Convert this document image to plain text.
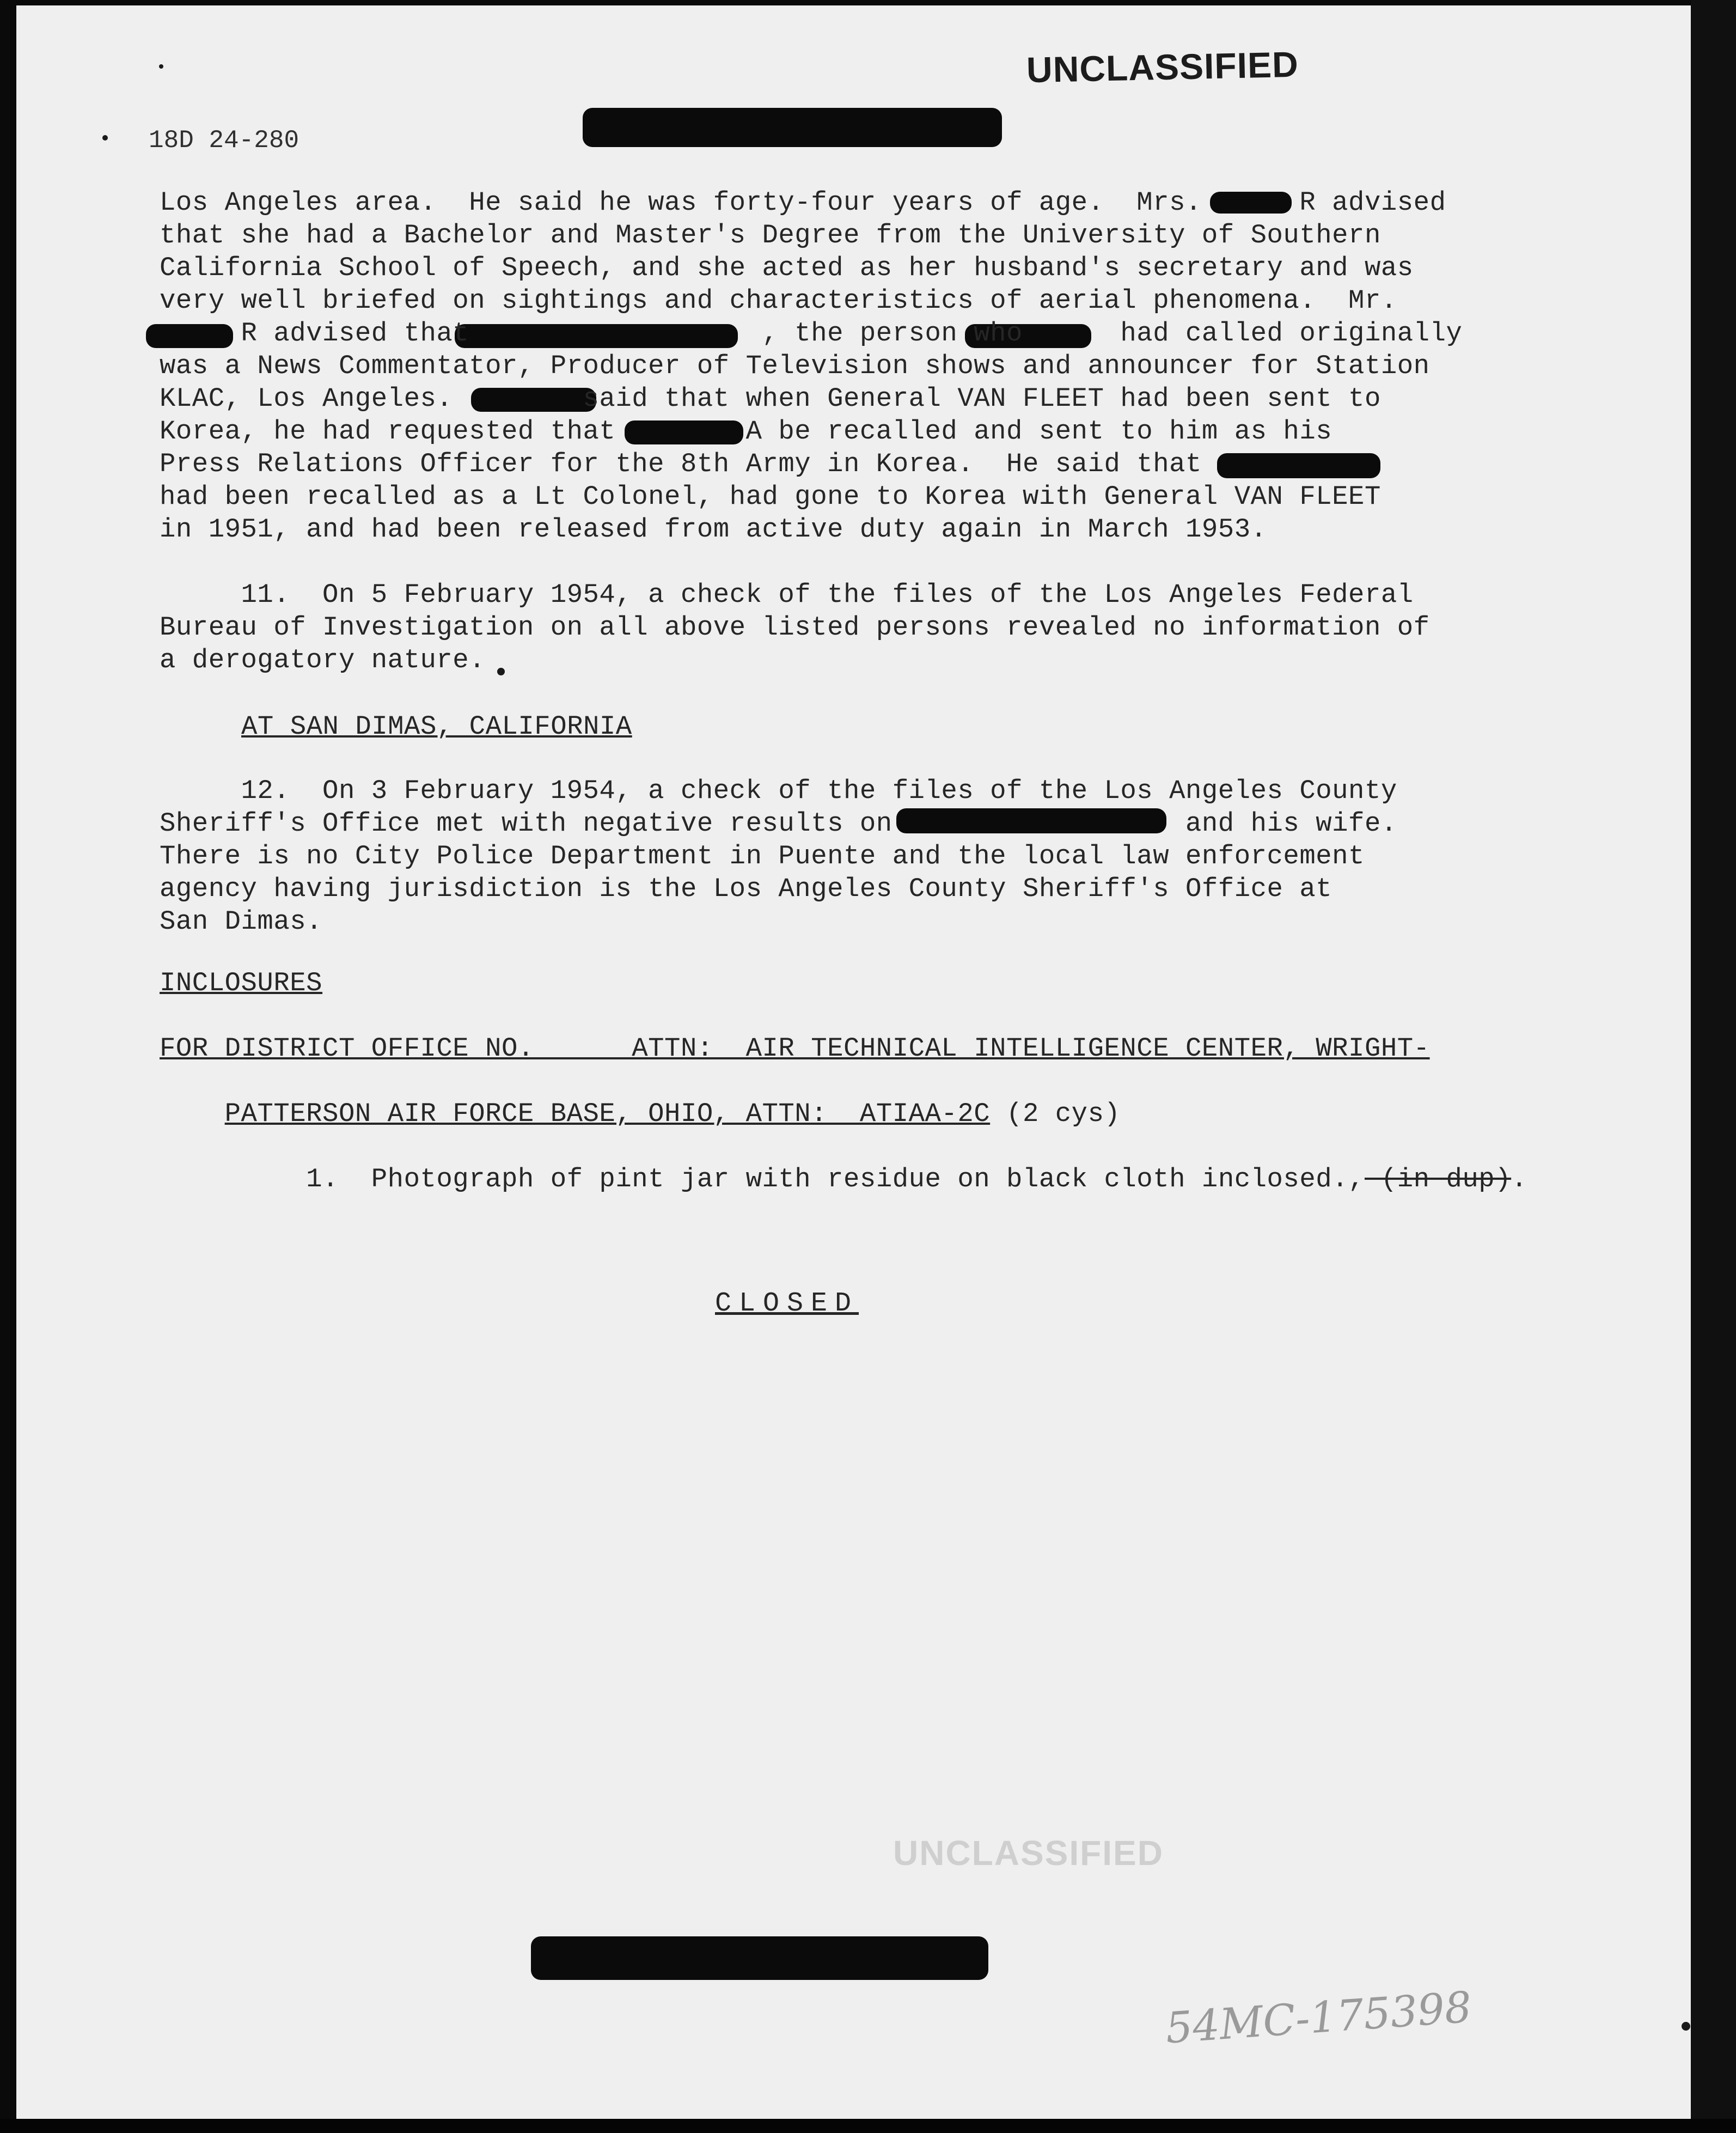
UNCLASSIFIED
18D 24-280
Los Angeles area.  He said he was forty-four years of age.  Mrs.      R advised
that she had a Bachelor and Master's Degree from the University of Southern
California School of Speech, and she acted as her husband's secretary and was
very well briefed on sightings and characteristics of aerial phenomena.  Mr.
R advised that                  , the person who      had called originally
was a News Commentator, Producer of Television shows and announcer for Station
KLAC, Los Angeles.        said that when General VAN FLEET had been sent to
Korea, he had requested that        A be recalled and sent to him as his
Press Relations Officer for the 8th Army in Korea.  He said that
had been recalled as a Lt Colonel, had gone to Korea with General VAN FLEET
in 1951, and had been released from active duty again in March 1953.
11.  On 5 February 1954, a check of the files of the Los Angeles Federal
Bureau of Investigation on all above listed persons revealed no information of
a derogatory nature.
AT SAN DIMAS, CALIFORNIA
12.  On 3 February 1954, a check of the files of the Los Angeles County
Sheriff's Office met with negative results on                  and his wife.
There is no City Police Department in Puente and the local law enforcement
agency having jurisdiction is the Los Angeles County Sheriff's Office at
San Dimas.
INCLOSURES
FOR DISTRICT OFFICE NO.      ATTN:  AIR TECHNICAL INTELLIGENCE CENTER, WRIGHT-

PATTERSON AIR FORCE BASE, OHIO, ATTN:  ATIAA-2C (2 cys)

1.  Photograph of pint jar with residue on black cloth inclosed., (in dup).

CLOSED
UNCLASSIFIED
54MC-175398
